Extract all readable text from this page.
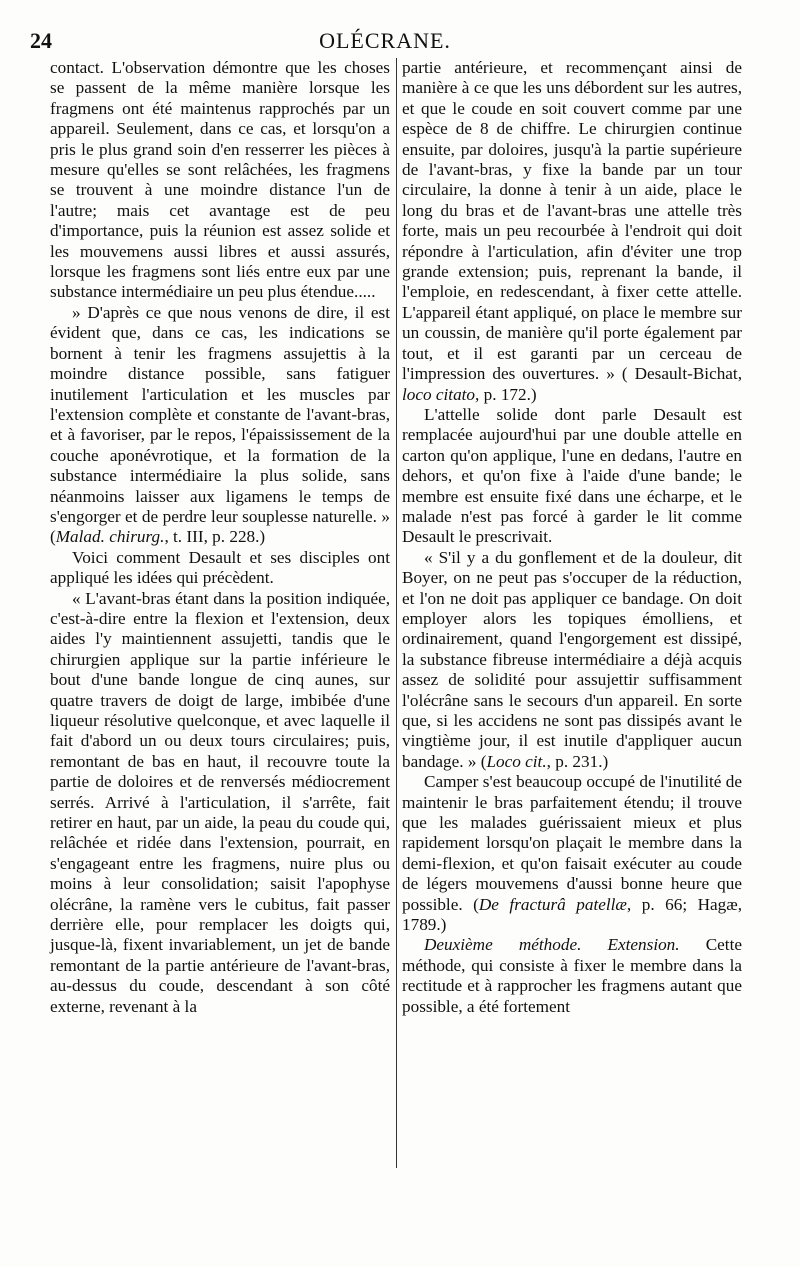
24	OLÉCRANE.

contact. L'observation démontre que les choses se passent de la même manière lorsque les fragmens ont été maintenus rapprochés par un appareil. Seulement, dans ce cas, et lorsqu'on a pris le plus grand soin d'en resserrer les pièces à mesure qu'elles se sont relâchées, les fragmens se trouvent à une moindre distance l'un de l'autre; mais cet avantage est de peu d'importance, puis la réunion est assez solide et les mouvemens aussi libres et aussi assurés, lorsque les fragmens sont liés entre eux par une substance intermédiaire un peu plus étendue.....

» D'après ce que nous venons de dire, il est évident que, dans ce cas, les indications se bornent à tenir les fragmens assujettis à la moindre distance possible, sans fatiguer inutilement l'articulation et les muscles par l'extension complète et constante de l'avant-bras, et à favoriser, par le repos, l'épaississement de la couche aponévrotique, et la formation de la substance intermédiaire la plus solide, sans néanmoins laisser aux ligamens le temps de s'engorger et de perdre leur souplesse naturelle. » (Malad. chirurg., t. III, p. 228.)

Voici comment Desault et ses disciples ont appliqué les idées qui précèdent.

« L'avant-bras étant dans la position indiquée, c'est-à-dire entre la flexion et l'extension, deux aides l'y maintiennent assujetti, tandis que le chirurgien applique sur la partie inférieure le bout d'une bande longue de cinq aunes, sur quatre travers de doigt de large, imbibée d'une liqueur résolutive quelconque, et avec laquelle il fait d'abord un ou deux tours circulaires; puis, remontant de bas en haut, il recouvre toute la partie de doloires et de renversés médiocrement serrés. Arrivé à l'articulation, il s'arrête, fait retirer en haut, par un aide, la peau du coude qui, relâchée et ridée dans l'extension, pourrait, en s'engageant entre les fragmens, nuire plus ou moins à leur consolidation; saisit l'apophyse olécrâne, la ramène vers le cubitus, fait passer derrière elle, pour remplacer les doigts qui, jusque-là, fixent invariablement, un jet de bande remontant de la partie antérieure de l'avant-bras, au-dessus du coude, descendant à son côté externe, revenant à la

partie antérieure, et recommençant ainsi de manière à ce que les uns débordent sur les autres, et que le coude en soit couvert comme par une espèce de 8 de chiffre. Le chirurgien continue ensuite, par doloires, jusqu'à la partie supérieure de l'avant-bras, y fixe la bande par un tour circulaire, la donne à tenir à un aide, place le long du bras et de l'avant-bras une attelle très forte, mais un peu recourbée à l'endroit qui doit répondre à l'articulation, afin d'éviter une trop grande extension; puis, reprenant la bande, il l'emploie, en redescendant, à fixer cette attelle. L'appareil étant appliqué, on place le membre sur un coussin, de manière qu'il porte également par tout, et il est garanti par un cerceau de l'impression des ouvertures. » ( Desault-Bichat, loco citato, p. 172.)

L'attelle solide dont parle Desault est remplacée aujourd'hui par une double attelle en carton qu'on applique, l'une en dedans, l'autre en dehors, et qu'on fixe à l'aide d'une bande; le membre est ensuite fixé dans une écharpe, et le malade n'est pas forcé à garder le lit comme Desault le prescrivait.

« S'il y a du gonflement et de la douleur, dit Boyer, on ne peut pas s'occuper de la réduction, et l'on ne doit pas appliquer ce bandage. On doit employer alors les topiques émolliens, et ordinairement, quand l'engorgement est dissipé, la substance fibreuse intermédiaire a déjà acquis assez de solidité pour assujettir suffisamment l'olécrâne sans le secours d'un appareil. En sorte que, si les accidens ne sont pas dissipés avant le vingtième jour, il est inutile d'appliquer aucun bandage. » (Loco cit., p. 231.)

Camper s'est beaucoup occupé de l'inutilité de maintenir le bras parfaitement étendu; il trouve que les malades guérissaient mieux et plus rapidement lorsqu'on plaçait le membre dans la demi-flexion, et qu'on faisait exécuter au coude de légers mouvemens d'aussi bonne heure que possible. (De fracturâ patellæ, p. 66; Hagæ, 1789.)

Deuxième méthode. Extension. Cette méthode, qui consiste à fixer le membre dans la rectitude et à rapprocher les fragmens autant que possible, a été fortement
